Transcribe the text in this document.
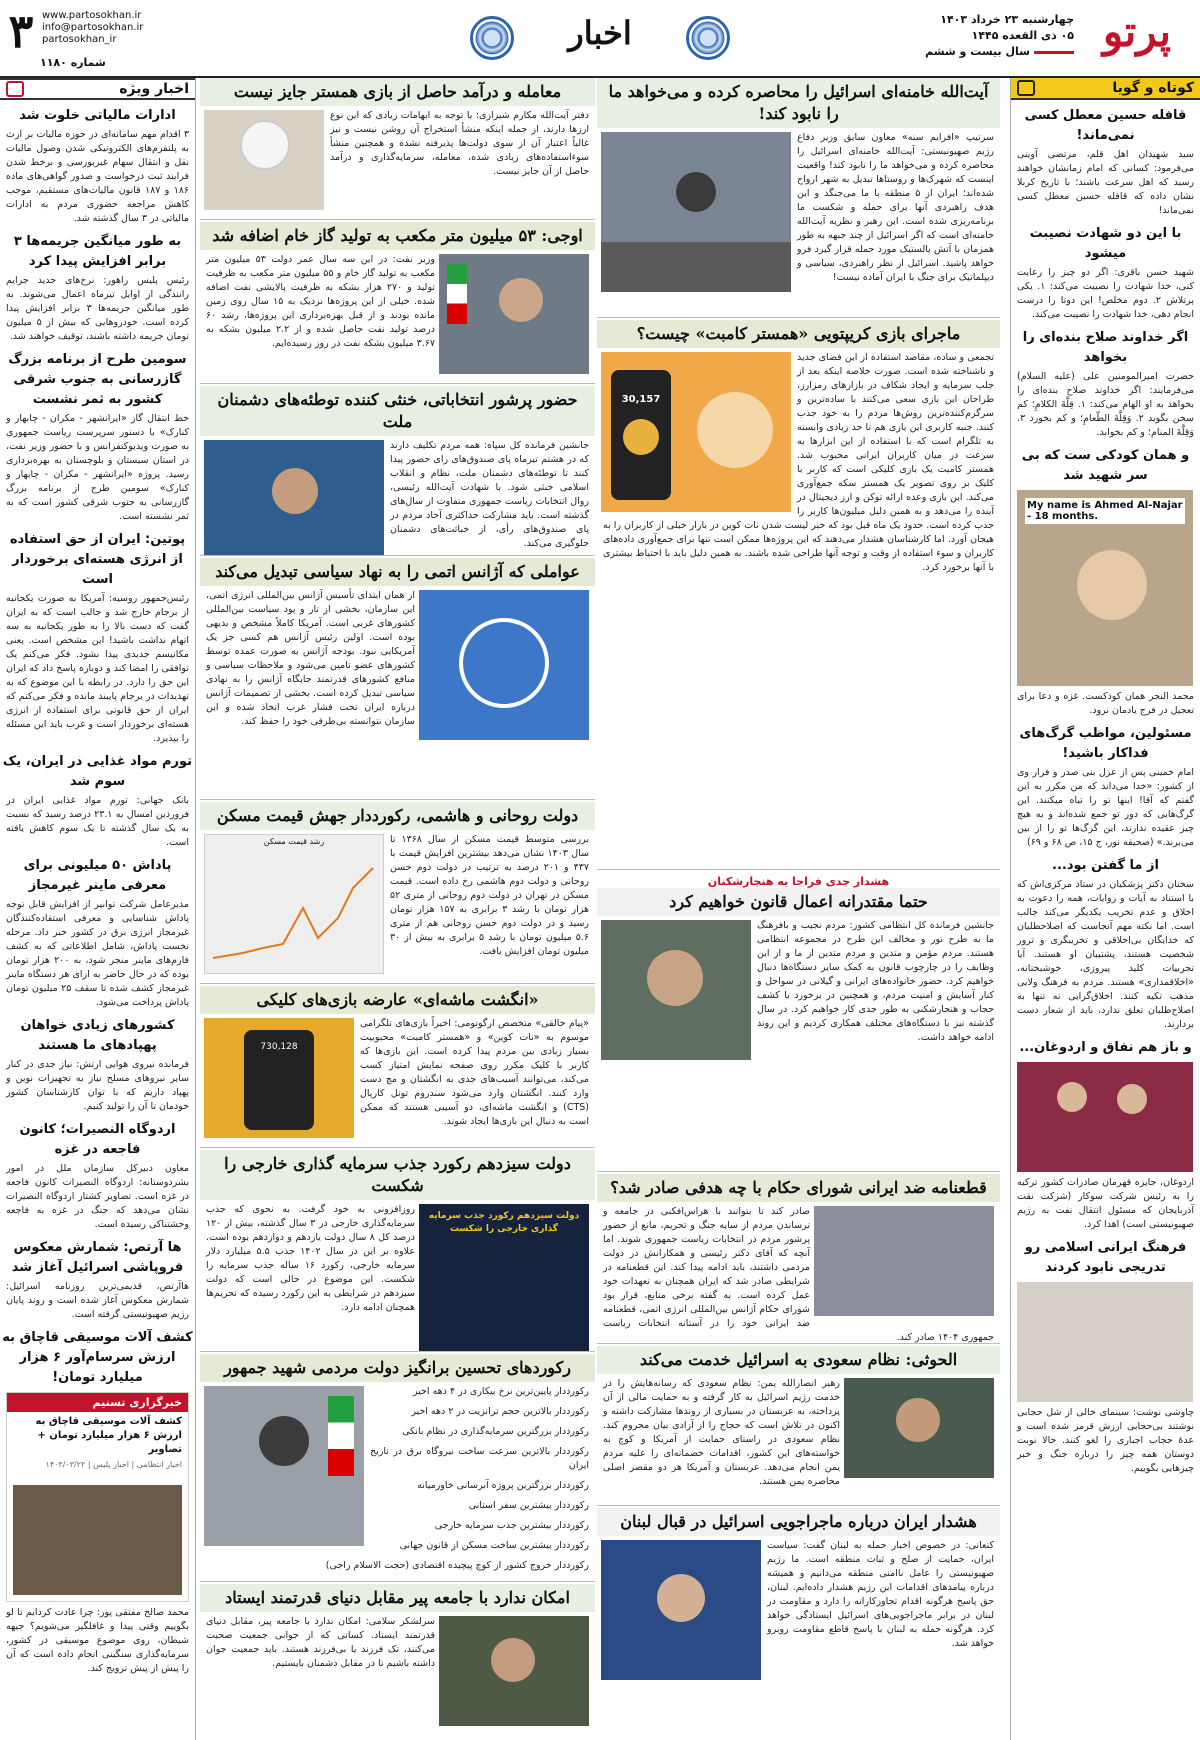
پرتو
چهارشنبه ۲۳ خرداد ۱۴۰۳
۰۵ ذی القعده ۱۴۴۵
سال بیست و ششم
اخبار
www.partosokhan.ir
info@partosokhan.ir
partosokhan_ir
شماره ۱۱۸۰
۳
کوتاه و گویا
قافله حسین معطل کسی نمی‌ماند!

سید شهیدان اهل قلم، مرتضی آوینی می‌فرمود: کسانی که امام زمانشان خواهند رسید که اهل سرعت باشند؛ با تاریخ کربلا نشان داده که قافله حسین معطل کسی نمی‌ماند!

با این دو شهادت نصیبت میشود

شهید حسن باقری: اگر دو چیز را رعایت کنی، خدا شهادت را نصیبت می‌کند: ۱. یکی پرتلاش ۲. دوم مخلص! این دوتا را درست انجام دهی، خدا شهادت را نصیبت می‌کند.

اگر خداوند صلاح بنده‌ای را بخواهد

حضرت امیرالمومنین علی (علیه السلام) می‌فرمایند: اگر خداوند صلاح بنده‌ای را بخواهد به او الهام می‌کند: ۱. قِلَّةَ الکلامِ؛ کم سخن بگوید ۲. وَقِلَّةَ الطّعامِ؛ و کم بخورد ۳. وَقِلَّةَ المنام؛ و کم بخوابد.

و همان کودکی ست که بی سر شهید شد
My name is Ahmed Al-Najar - 18 months.

محمد النجر همان کودکست. غزه و دعا برای تعجیل در فرج یادمان نرود.

مسئولین، مواظب گرگ‌های فداکار باشید!

امام خمینی پس از عزل بنی صدر و فرار وی از کشور: «خدا می‌داند که من مکرر به این گفتم که آقا! اینها تو را تباه میکنند. این گرگ‌هایی که دور تو جمع شده‌اند و به هیچ چیز عقیده ندارند، این گرگ‌ها تو را از بین می‌برند.» (صحیفه نور، ج ۱۵، ص ۶۸ و ۶۹)

از ما گفتن بود...

سخنان دکتر پزشکیان در ستاد مرکزی‌اش که با استناد به آیات و روایات، همه را دعوت به اخلاق و عدم تخریب یکدیگر می‌کند جالب است. اما نکته مهم آنجاست که اصلاحطلبان که خدایگان بی‌اخلاقی و تخریبگری و ترور شخصیت هستند، پشتیبان او هستند. آیا تجربیات کلید پیروزی، خوشبختانه، «اخلاقمداری» هستند. مردم به فرهنگ ولایی مذهب تکیه کنند. اخلاق‌گرایی نه تنها به اصلاح‌طلبان تعلق ندارد، باید از شعار دست بردارند.

و باز هم نفاق و اردوغان...

اردوغان، جایزه قهرمان صادرات کشور ترکیه را به رئیس شرکت سوکار (شرکت نفت آذربایجان که مسئول انتقال نفت به رژیم صهیونیستی است) اهدا کرد.

فرهنگ ایرانی اسلامی رو تدریجی نابود کردند

چاوشی نوشت: سینمای خالی از شل حجابی نوشتند بی‌حجابی ارزش قرمز شده است و عدهٔ حجاب اجباری را لغو کنند. حالا نوبت دوستان همه چیز را درباره جنگ و خبر چیزهایی بگوییم.

اخبار ویژه
ادارات مالیاتی خلوت شد

۳ اقدام مهم سامانه‌ای در حوزه مالیات بر ارث به پلتفرم‌های الکترونیکی شدن وصول مالیات نقل و انتقال سهام غیربورسی و برخط شدن فرایند ثبت درخواست و صدور گواهی‌های ماده ۱۸۶ و ۱۸۷ قانون مالیات‌های مستقیم، موجب کاهش مراجعه حضوری مردم به ادارات مالیاتی در ۳ سال گذشته شد.

به طور میانگین جریمه‌ها ۳ برابر افزایش پیدا کرد

رئیس پلیس راهور: نرخ‌های جدید جرایم رانندگی از اوایل تیرماه اعمال می‌شوند. به طور میانگین جریمه‌ها ۳ برابر افزایش پیدا کرده است. خودروهایی که بیش از ۵ میلیون تومان جریمه داشته باشند، توقیف خواهند شد.

سومین طرح از برنامه بزرگ گازرسانی به جنوب شرقی کشور به ثمر نشست

خط انتقال گاز «ایرانشهر - مکران - چابهار و کنارک» با دستور سرپرست ریاست جمهوری به صورت ویدیوکنفرانس و با حضور وزیر نفت، در استان سیستان و بلوچستان به بهره‌برداری رسید. پروژه «ایرانشهر - مکران - چابهار و کنارک» سومین طرح از برنامه بزرگ گازرسانی به جنوب شرقی کشور است که به ثمر نشسته است.

پوتین: ایران از حق استفاده از انرژی هسته‌ای برخوردار است

رئیس‌جمهور روسیه: آمریکا به صورت یکجانبه از برجام خارج شد و جالب است که به ایران گفت که دست بالا را به طور یکجانبه به سه اتهام نداشت باشید! این مشخص است. یعنی مکانیسم جدیدی پیدا نشود. فکر می‌کنم یک توافقی را امضا کند و دوباره پاسخ داد که ایران این حق را دارد. در رابطه با این موضوع که به تهدیدات در برجام پایبند مانده و فکر می‌کنم که ایران از حق قانونی برای استفاده از انرژی هسته‌ای برخوردار است و غرب باید این مسئله را بپذیرد.

تورم مواد غذایی در ایران، یک سوم شد

بانک جهانی: تورم مواد غذایی ایران در فروردین امسال به ۲۳.۱ درصد رسید که نسبت به یک سال گذشته تا یک سوم کاهش یافته است.

پاداش ۵۰ میلیونی برای معرفی ماینر غیرمجاز

مدیرعامل شرکت توانیر از افزایش قابل توجه پاداش شناسایی و معرفی استفاده‌کنندگان غیرمجاز انرژی برق در کشور خبر داد. مرحله نخست پاداش، شامل اطلاعاتی که به کشف فارم‌های ماینر منجر شود، به ۲۰۰ هزار تومان بوده که در حال حاضر به ازای هر دستگاه ماینر غیرمجاز کشف شده تا سقف ۲۵ میلیون تومان پاداش پرداخت می‌شود.

کشورهای زیادی خواهان پهپادهای ما هستند

فرمانده نیروی هوایی ارتش: نیاز جدی در کنار سایر نیروهای مسلح نیاز به تجهیزات نوین و پهپاد داریم که با توان کارشناسان کشور خودمان تا آن را تولید کنیم.

اردوگاه النصیرات؛ کانون فاجعه در غزه

معاون دبیرکل سازمان ملل در امور بشردوستانه: اردوگاه النصیرات کانون فاجعه در غزه است. تصاویر کشتار اردوگاه النصیرات نشان می‌دهد که جنگ در غزه به فاجعه وحشتناکی رسیده است.

ها آرتص: شمارش معکوس فروپاشی اسرائیل آغاز شد

هاآرتص، قدیمی‌ترین روزنامه اسرائیل: شمارش معکوس آغاز شده است و روند پایان رژیم صهیونیستی گرفته است.

کشف آلات موسیقی قاچاق به ارزش سرسام‌آور ۶ هزار میلیارد تومان!
خبرگزاری تسنیم
کشف آلات موسیقی قاچاق به ارزش ۶ هزار میلیارد تومان + تصاویر
اخبار انتظامی | اخبار پلیس | ۱۴۰۳/۰۳/۲۲

محمد صالح مفتقی پور: چرا عادت کردایم تا لو بگوییم وقتی پیدا و غافلگیر می‌شویم؟ جیهه شیطان، روی موضوع موسیقی در کشور، سرمایه‌گذاری سنگینی انجام داده است که آن را پیش از پیش ترویج کند.

آیت‌الله خامنه‌ای اسرائیل را محاصره کرده و می‌خواهد ما را نابود کند!

سرتیپ «افرایم سنه» معاون سابق وزیر دفاع رژیم صهیونیستی: آیت‌الله خامنه‌ای اسرائیل را محاصره کرده و می‌خواهد ما را نابود کند! واقعیت اینست که شهرک‌ها و روستاها تبدیل به شهر ارواح شده‌اند؛ ایران از ۵ منطقه با ما می‌جنگد و این هدف راهبردی آنها برای حمله و شکست ما برنامه‌ریزی شده است. این رهبر و نظریه آیت‌الله خامنه‌ای است که اگر اسرائیل از چند جبهه به طور همزمان با آتش بالستیک مورد حمله قرار گیرد فرو خواهد پاشید. اسرائیل از نظر راهبردی، سیاسی و دیپلماتیک برای جنگ با ایران آماده نیست!

ماجرای بازی کریپتویی «همستر کامبت» چیست؟
30,157

تجمعی و ساده، مقاصد استفاده از این فضای جدید و ناشناخته شده است. صورت خلاصه اینکه بعد از جلب سرمایه و ایجاد شکاف در بازارهای رمزارز، طراحان این بازی سعی می‌کنند با ساده‌ترین و سرگرم‌کننده‌ترین روش‌ها مردم را به خود جذب کنند. جنبه کاربری این بازی هم تا حد زیادی وابسته به تلگرام است که با استفاده از این ابزارها به سرعت در میان کاربران ایرانی محبوب شد. همستر کامبت یک بازی کلیکی است که کاربر با کلیک بر روی تصویر یک همستر سکه جمع‌آوری می‌کند. این بازی وعده ارائه توکن و ارز دیجیتال در آینده را می‌دهد و به همین دلیل میلیون‌ها کاربر را جذب کرده است. حدود یک ماه قبل بود که خبر لیست شدن نات کوین در بازار خیلی از کاربران را به هیجان آورد. اما کارشناسان هشدار می‌دهند که این پروژه‌ها ممکن است تنها برای جمع‌آوری داده‌های کاربران و سوء استفاده از وقت و توجه آنها طراحی شده باشند. به همین دلیل باید با احتیاط بیشتری با آنها برخورد کرد.

هشدار جدی فراجا به هنجارشکنان
حتما مقتدرانه اعمال قانون خواهیم کرد

جانشین فرمانده کل انتظامی کشور: مردم نجیب و بافرهنگ ما به طرح نور و مخالف این طرح در مجموعه انتظامی هستند. مردم مؤمن و متدین و مردم متدین از ما و از این وظایف را در چارچوب قانون به کمک سایر دستگاه‌ها دنبال خواهیم کرد. حضور خانواده‌های ایرانی و گیلانی در سواحل و کنار آسایش و امنیت مردم، و همچنین در برخورد با کشف حجاب و هنجارشکنی به طور جدی کار خواهیم کرد. در سال گذشته نیز با دستگاه‌های مختلف همکاری کردیم و این روند ادامه خواهد داشت.

قطعنامه ضد ایرانی شورای حکام با چه هدفی صادر شد؟

صادر کند تا بتوانند با هراس‌افکنی در جامعه و ترساندن مردم از سایه جنگ و تحریم، مانع از حضور پرشور مردم در انتخابات ریاست جمهوری شوند. اما آنچه که آقای دکتر رئیسی و همکارانش در دولت مردمی داشتند، باید ادامه پیدا کند. این قطعنامه در شرایطی صادر شد که ایران همچنان به تعهدات خود عمل کرده است. به گفته برخی منابع، قرار بود شورای حکام آژانس بین‌المللی انرژی اتمی، قطعنامه ضد ایرانی خود را در آستانه انتخابات ریاست جمهوری ۱۴۰۴ صادر کند.

الحوثی: نظام سعودی به اسرائیل خدمت می‌کند

رهبر انصارالله یمن: نظام سعودی که رسانه‌هایش را در خدمت رژیم اسرائیل به کار گرفته و به حمایت مالی از آن پرداخته، به عربستان در بسیاری از روندها مشارکت داشته و اکنون در تلاش است که حجاج را از آزادی بیان محروم کند. نظام سعودی در راستای حمایت از آمریکا و کوچ به خواسته‌های این کشور، اقدامات خصمانه‌ای را علیه مردم یمن انجام می‌دهد. عربستان و آمریکا هر دو مقصر اصلی محاصره یمن هستند.

هشدار ایران درباره ماجراجویی اسرائیل در قبال لبنان

کنعانی: در خصوص اخبار حمله به لبنان گفت: سیاست ایران، حمایت از صلح و ثبات منطقه است. ما رژیم صهیونیستی را عامل ناامنی منطقه می‌دانیم و همیشه درباره پیامدهای اقدامات این رژیم هشدار داده‌ایم. لبنان، حق پاسخ هرگونه اقدام تجاوزکارانه را دارد و مقاومت در لبنان در برابر ماجراجویی‌های اسرائیل ایستادگی خواهد کرد. هرگونه حمله به لبنان با پاسخ قاطع مقاومت روبرو خواهد شد.

معامله و درآمد حاصل از بازی همستر جایز نیست

دفتر آیت‌الله مکارم شیرازی: با توجه به ابهامات زیادی که این نوع ارزها دارند، از جمله اینکه منشأ استخراج آن روشن نیست و نیز غالباً اعتبار آن از سوی دولت‌ها پذیرفته نشده و همچنین منشأ سوءاستفاده‌های زیادی شده، معامله، سرمایه‌گذاری و درآمد حاصل از آن جایز نیست.

اوجی: ۵۳ میلیون متر مکعب به تولید گاز خام اضافه شد

وزیر نفت: در این سه سال عمر دولت ۵۳ میلیون متر مکعب به تولید گاز خام و ۵۵ میلیون متر مکعب به ظرفیت تولید و ۲۷۰ هزار بشکه به ظرفیت پالایشی نفت اضافه شده. خیلی از این پروژه‌ها نزدیک به ۱۵ سال روی زمین مانده بودند و از قبل بهره‌برداری این پروژه‌ها، رشد ۶۰ درصد تولید نفت حاصل شده و از ۲.۲ میلیون بشکه به ۳.۶۷ میلیون بشکه نفت در روز رسیده‌ایم.

حضور پرشور انتخاباتی، خنثی کننده توطئه‌های دشمنان ملت

جانشین فرمانده کل سپاه: همه مردم تکلیف دارند که در هشتم تیرماه پای صندوق‌های رای حضور پیدا کنند تا توطئه‌های دشمنان ملت، نظام و انقلاب اسلامی خنثی شود. با شهادت آیت‌الله رئیسی، روال انتخابات ریاست جمهوری متفاوت از سال‌های گذشته است. باید مشارکت حداکثری آحاد مردم در پای صندوق‌های رأی، از خباثت‌های دشمنان جلوگیری می‌کند.

عواملی که آژانس اتمی را به نهاد سیاسی تبدیل می‌کند

از همان ابتدای تأسیس آژانس بین‌المللی انرژی اتمی، این سازمان، بخشی از تار و پود سیاست بین‌المللی کشورهای غربی است. آمریکا کاملاً مشخص و بدیهی بوده است. اولین رئیس آژانس هم کسی جز یک آمریکایی نبود. بودجه آژانس به صورت عمده توسط کشورهای عضو تامین می‌شود و ملاحظات سیاسی و منافع کشورهای قدرتمند جایگاه آژانس را به نهادی سیاسی تبدیل کرده است. بخشی از تصمیمات آژانس درباره ایران تحت فشار غرب اتخاذ شده و این سازمان نتوانسته بی‌طرفی خود را حفظ کند.

دولت روحانی و هاشمی، رکورددار جهش قیمت مسکن
رشد قیمت مسکن	بررسی متوسط قیمت مسکن از سال ۱۳۶۸ تا سال ۱۴۰۳ نشان می‌دهد بیشترین افزایش قیمت با ۴۳۷ و ۲۰۱ درصد به ترتیب در دولت دوم حسن روحانی و دولت دوم هاشمی رخ داده است. قیمت مسکن در تهران در دولت دوم روحانی از متری ۵۲ هزار تومان با رشد ۳ برابری به ۱۵۷ هزار تومان رسید و در دولت دوم حسن روحانی هم از متری ۵.۶ میلیون تومان با رشد ۵ برابری به بیش از ۳۰ میلیون تومان افزایش یافت.

«انگشت ماشه‌ای» عارضه بازی‌های کلیکی
730,128

«پیام خالقی» متخصص ارگونومی: اخیراً بازی‌های تلگرامی موسوم به «نات کوین» و «همستر کامبت» محبوبیت بسیار زیادی بین مردم پیدا کرده است. این بازی‌ها که کاربر با کلیک مکرر روی صفحه نمایش امتیاز کسب می‌کند، می‌توانند آسیب‌های جدی به انگشتان و مچ دست وارد کنند. انگشتان وارد می‌شود سندروم تونل کارپال (CTS) و انگشت ماشه‌ای، دو آسیبی هستند که ممکن است به دنبال این بازی‌ها ایجاد شوند.

دولت سیزدهم رکورد جذب سرمایه گذاری خارجی را شکست
دولت سیزدهم رکورد جذب سرمایه گذاری خارجی را شکست

روزافزونی به خود گرفت. به نحوی که جذب سرمایه‌گذاری خارجی در ۳ سال گذشته، بیش از ۱۲۰ درصد کل ۸ سال دولت یازدهم و دوازدهم بوده است. علاوه بر این در سال ۱۴۰۲ جذب ۵.۵ میلیارد دلار سرمایه خارجی، رکورد ۱۶ ساله جذب سرمایه را شکست. این موضوع در حالی است که دولت سیزدهم در شرایطی به این رکورد رسیده که تحریم‌ها همچنان ادامه دارد.

رکوردهای تحسین برانگیز دولت مردمی شهید جمهور

رکورددار پایین‌ترین نرخ بیکاری در ۴ دهه اخیر

رکورددار بالاترین حجم ترانزیت در ۲ دهه اخیر

رکورددار بزرگترین سرمایه‌گذاری در نظام بانکی

رکورددار بالاترین سرعت ساخت نیروگاه برق در تاریخ ایران

رکورددار بزرگترین پروژه آبرسانی خاورمیانه

رکورددار بیشترین سفر استانی

رکورددار بیشترین جذب سرمایه خارجی

رکورددار بیشترین ساخت مسکن از قانون جهانی

رکورددار خروج کشور از کوچ پیچیده اقتصادی (حجت الاسلام راجی)

امکان ندارد با جامعه پیر مقابل دنیای قدرتمند ایستاد

سرلشکر سلامی: امکان ندارد با جامعه پیر، مقابل دنیای قدرتمند ایستاد. کسانی که از جوانی جمعیت صحبت می‌کنند، تک فرزند یا بی‌فرزند هستند. باید جمعیت جوان داشته باشیم تا در مقابل دشمنان بایستیم.
